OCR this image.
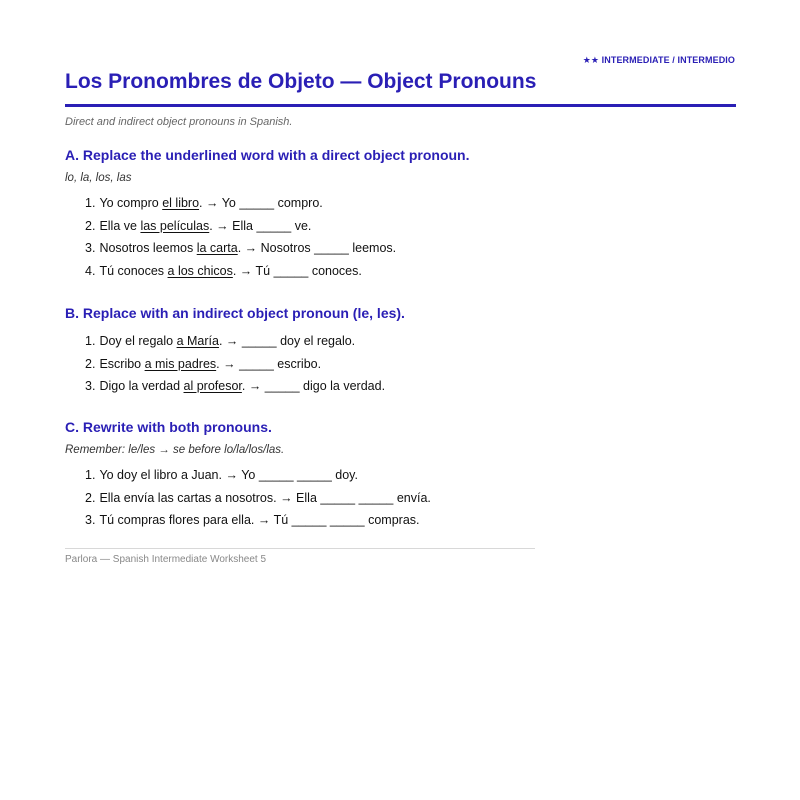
★★ INTERMEDIATE / INTERMEDIO
Los Pronombres de Objeto — Object Pronouns
Direct and indirect object pronouns in Spanish.
A. Replace the underlined word with a direct object pronoun.
lo, la, los, las
1. Yo compro el libro. → Yo _____ compro.
2. Ella ve las películas. → Ella _____ ve.
3. Nosotros leemos la carta. → Nosotros _____ leemos.
4. Tú conoces a los chicos. → Tú _____ conoces.
B. Replace with an indirect object pronoun (le, les).
1. Doy el regalo a María. → _____ doy el regalo.
2. Escribo a mis padres. → _____ escribo.
3. Digo la verdad al profesor. → _____ digo la verdad.
C. Rewrite with both pronouns.
Remember: le/les → se before lo/la/los/las.
1. Yo doy el libro a Juan. → Yo _____ _____ doy.
2. Ella envía las cartas a nosotros. → Ella _____ _____ envía.
3. Tú compras flores para ella. → Tú _____ _____ compras.
Parlora — Spanish Intermediate Worksheet 5
